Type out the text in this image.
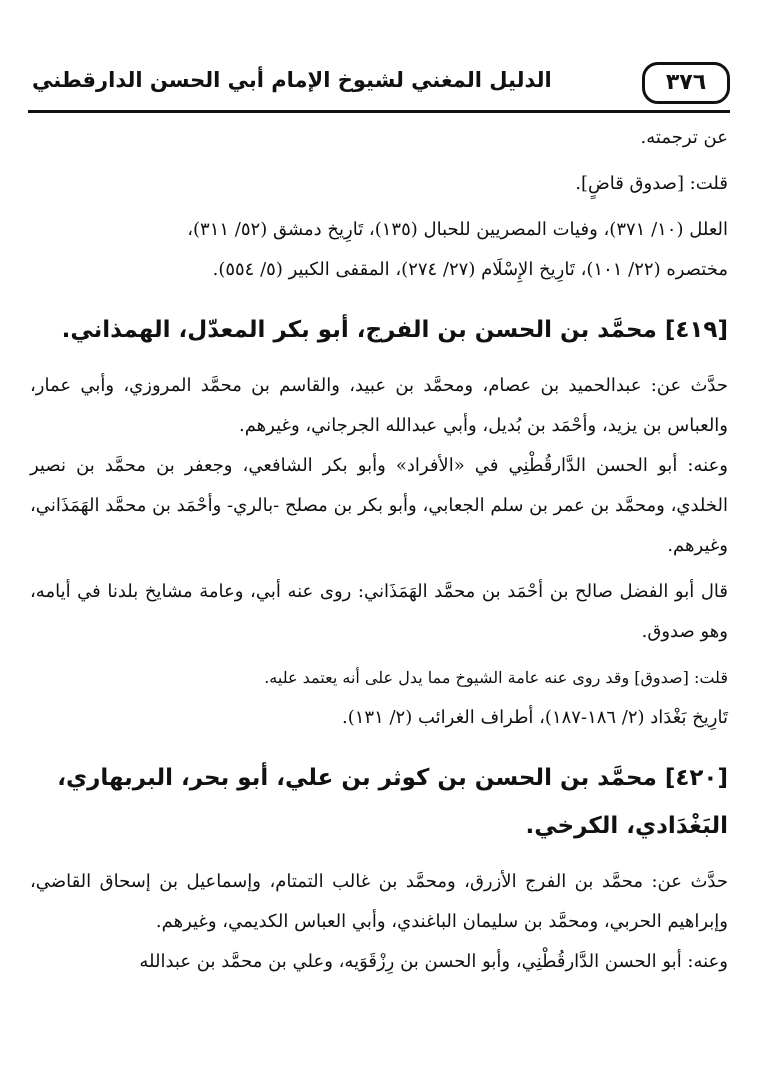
٣٧٦
الدليل المغني لشيوخ الإمام أبي الحسن الدارقطني

عن ترجمته.

قلت: [صدوق قاضٍ].

العلل (١٠/ ٣٧١)، وفيات المصريين للحبال (١٣٥)، تَارِيخ دمشق (٥٢/ ٣١١)،

مختصره (٢٢/ ١٠١)، تَارِيخ الإِسْلَام (٢٧/ ٢٧٤)، المقفى الكبير (٥/ ٥٥٤).

[٤١٩] محمَّد بن الحسن بن الفرج، أبو بكر المعدّل، الهمذاني.

حدَّث عن: عبدالحميد بن عصام، ومحمَّد بن عبيد، والقاسم بن محمَّد المروزي، وأبي عمار، والعباس بن يزيد، وأحْمَد بن بُديل، وأبي عبدالله الجرجاني، وغيرهم.

وعنه: أبو الحسن الدَّارقُطْنِي في «الأفراد» وأبو بكر الشافعي، وجعفر بن محمَّد بن نصير الخلدي، ومحمَّد بن عمر بن سلم الجعابي، وأبو بكر بن مصلح -بالري- وأحْمَد بن محمَّد الهَمَذَاني، وغيرهم.

قال أبو الفضل صالح بن أحْمَد بن محمَّد الهَمَذَاني: روى عنه أبي، وعامة مشايخ بلدنا في أيامه، وهو صدوق.

قلت: [صدوق] وقد روى عنه عامة الشيوخ مما يدل على أنه يعتمد عليه.

تَارِيخ بَغْدَاد (٢/ ١٨٦-١٨٧)، أطراف الغرائب (٢/ ١٣١).

[٤٢٠] محمَّد بن الحسن بن كوثر بن علي، أبو بحر، البربهاري،
البَغْدَادي، الكرخي.

حدَّث عن: محمَّد بن الفرج الأزرق، ومحمَّد بن غالب التمتام، وإسماعيل بن إسحاق القاضي، وإبراهيم الحربي، ومحمَّد بن سليمان الباغندي، وأبي العباس الكديمي، وغيرهم.

وعنه: أبو الحسن الدَّارقُطْنِي، وأبو الحسن بن رِزْقَوَيه، وعلي بن محمَّد بن عبدالله
